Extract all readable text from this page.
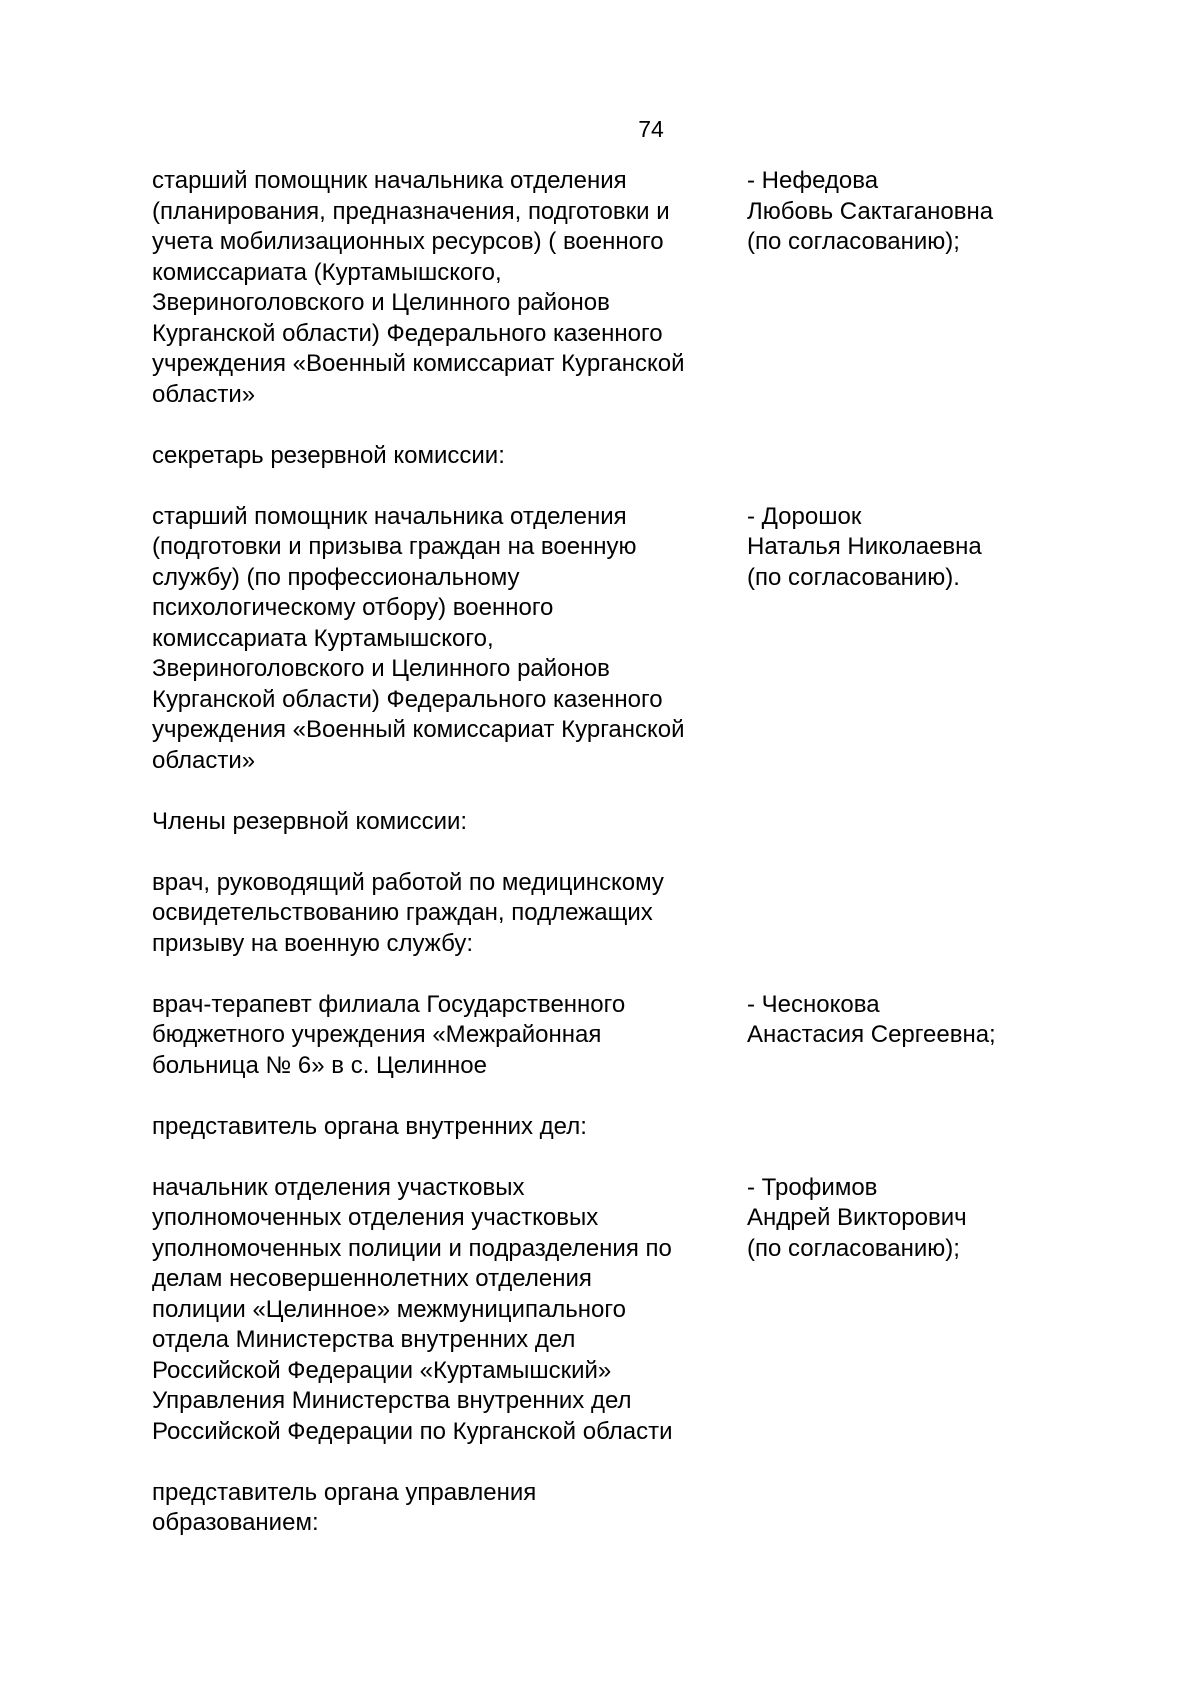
74
старший помощник начальника отделения
(планирования, предназначения, подготовки и
учета мобилизационных ресурсов) ( военного
комиссариата (Куртамышского,
Звериноголовского и Целинного районов
Курганской области) Федерального казенного
учреждения «Военный комиссариат Курганской
области»
- Нефедова
Любовь Сактагановна
(по согласованию);
секретарь резервной комиссии:
старший помощник начальника отделения
(подготовки и призыва граждан на военную
службу) (по профессиональному
психологическому отбору) военного
комиссариата Куртамышского,
Звериноголовского и Целинного районов
Курганской области) Федерального казенного
учреждения «Военный комиссариат Курганской
области»
- Дорошок
Наталья Николаевна
(по согласованию).
Члены резервной комиссии:
врач, руководящий работой по медицинскому
освидетельствованию граждан, подлежащих
призыву на военную службу:
врач-терапевт филиала Государственного
бюджетного учреждения «Межрайонная
больница № 6» в с. Целинное
- Чеснокова
Анастасия Сергеевна;
представитель органа внутренних дел:
начальник отделения участковых
уполномоченных отделения участковых
уполномоченных полиции и подразделения по
делам несовершеннолетних отделения
полиции «Целинное» межмуниципального
отдела Министерства внутренних дел
Российской Федерации «Куртамышский»
Управления Министерства внутренних дел
Российской Федерации по Курганской области
- Трофимов
Андрей Викторович
(по согласованию);
представитель органа управления
образованием:
